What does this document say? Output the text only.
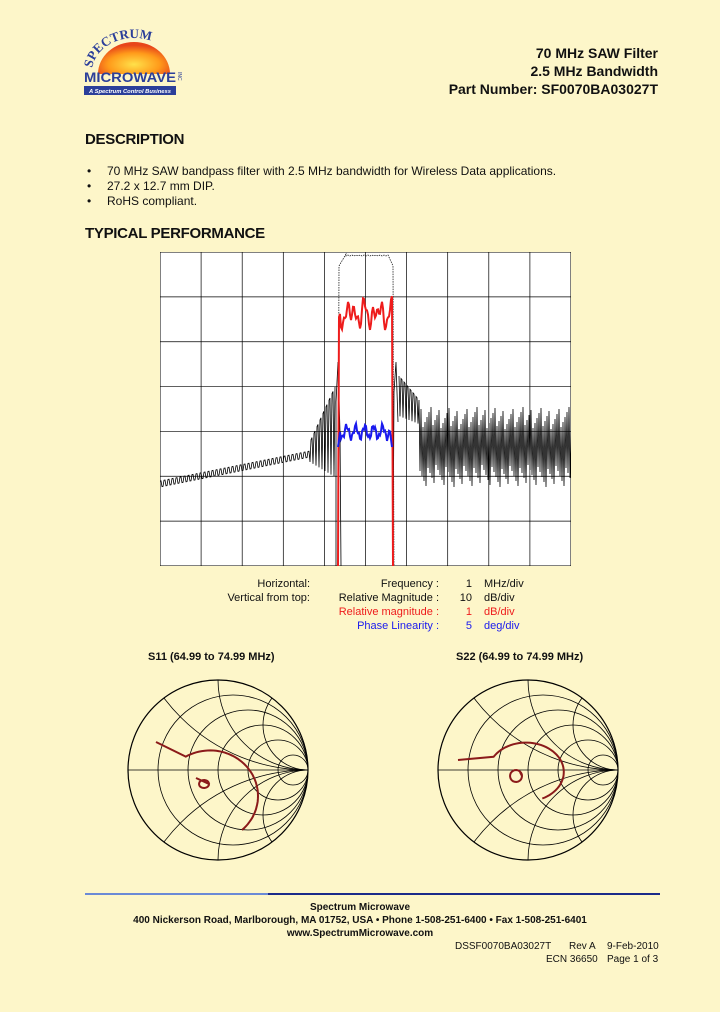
SPECTRUM
MICROWAVE INC
A Spectrum Control Business
70 MHz SAW Filter
2.5 MHz Bandwidth
Part Number: SF0070BA03027T
DESCRIPTION
• 70 MHz SAW bandpass filter with 2.5 MHz bandwidth for Wireless Data applications.
• 27.2 x 12.7 mm DIP.
• RoHS compliant.
TYPICAL PERFORMANCE
Horizontal:	Frequency : 1 MHz/div
Vertical from top:	Relative Magnitude : 10 dB/div
Relative magnitude : 1 dB/div
Phase Linearity : 5 deg/div
S11 (64.99 to 74.99 MHz)	S22 (64.99 to 74.99 MHz)
Spectrum Microwave
400 Nickerson Road, Marlborough, MA 01752, USA • Phone 1-508-251-6400 • Fax 1-508-251-6401
www.SpectrumMicrowave.com
DSSF0070BA03027T Rev A 9-Feb-2010
ECN 36650 Page 1 of 3
